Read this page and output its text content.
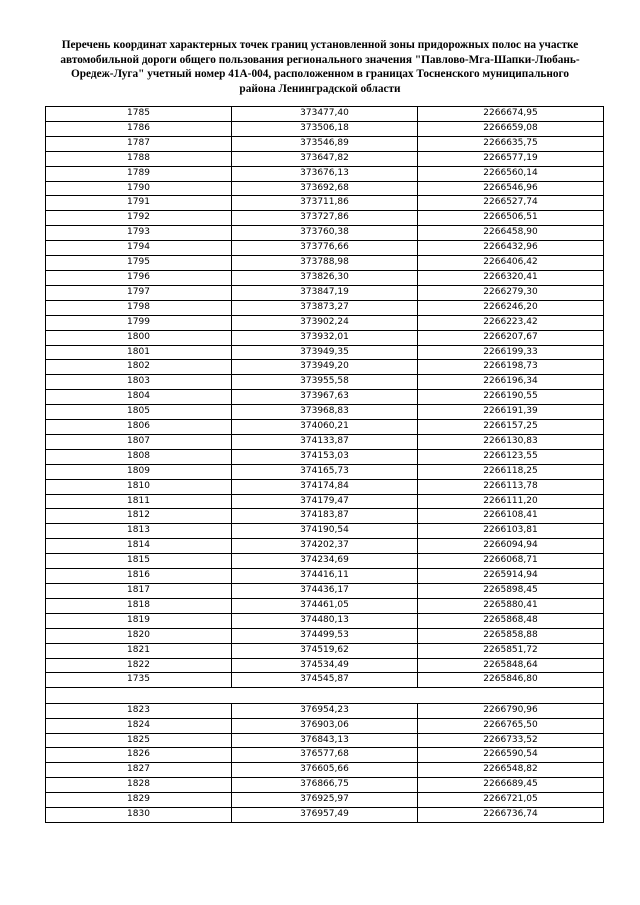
Перечень координат характерных точек границ установленной зоны придорожных полос на участке
автомобильной дороги общего пользования регионального значения "Павлово-Мга-Шапки-Любань-
Оредеж-Луга" учетный номер 41А-004, расположенном в границах Тосненского муниципального
района Ленинградской области
1785	373477,40	2266674,95
1786	373506,18	2266659,08
1787	373546,89	2266635,75
1788	373647,82	2266577,19
1789	373676,13	2266560,14
1790	373692,68	2266546,96
1791	373711,86	2266527,74
1792	373727,86	2266506,51
1793	373760,38	2266458,90
1794	373776,66	2266432,96
1795	373788,98	2266406,42
1796	373826,30	2266320,41
1797	373847,19	2266279,30
1798	373873,27	2266246,20
1799	373902,24	2266223,42
1800	373932,01	2266207,67
1801	373949,35	2266199,33
1802	373949,20	2266198,73
1803	373955,58	2266196,34
1804	373967,63	2266190,55
1805	373968,83	2266191,39
1806	374060,21	2266157,25
1807	374133,87	2266130,83
1808	374153,03	2266123,55
1809	374165,73	2266118,25
1810	374174,84	2266113,78
1811	374179,47	2266111,20
1812	374183,87	2266108,41
1813	374190,54	2266103,81
1814	374202,37	2266094,94
1815	374234,69	2266068,71
1816	374416,11	2265914,94
1817	374436,17	2265898,45
1818	374461,05	2265880,41
1819	374480,13	2265868,48
1820	374499,53	2265858,88
1821	374519,62	2265851,72
1822	374534,49	2265848,64
1735	374545,87	2265846,80

1823	376954,23	2266790,96
1824	376903,06	2266765,50
1825	376843,13	2266733,52
1826	376577,68	2266590,54
1827	376605,66	2266548,82
1828	376866,75	2266689,45
1829	376925,97	2266721,05
1830	376957,49	2266736,74
